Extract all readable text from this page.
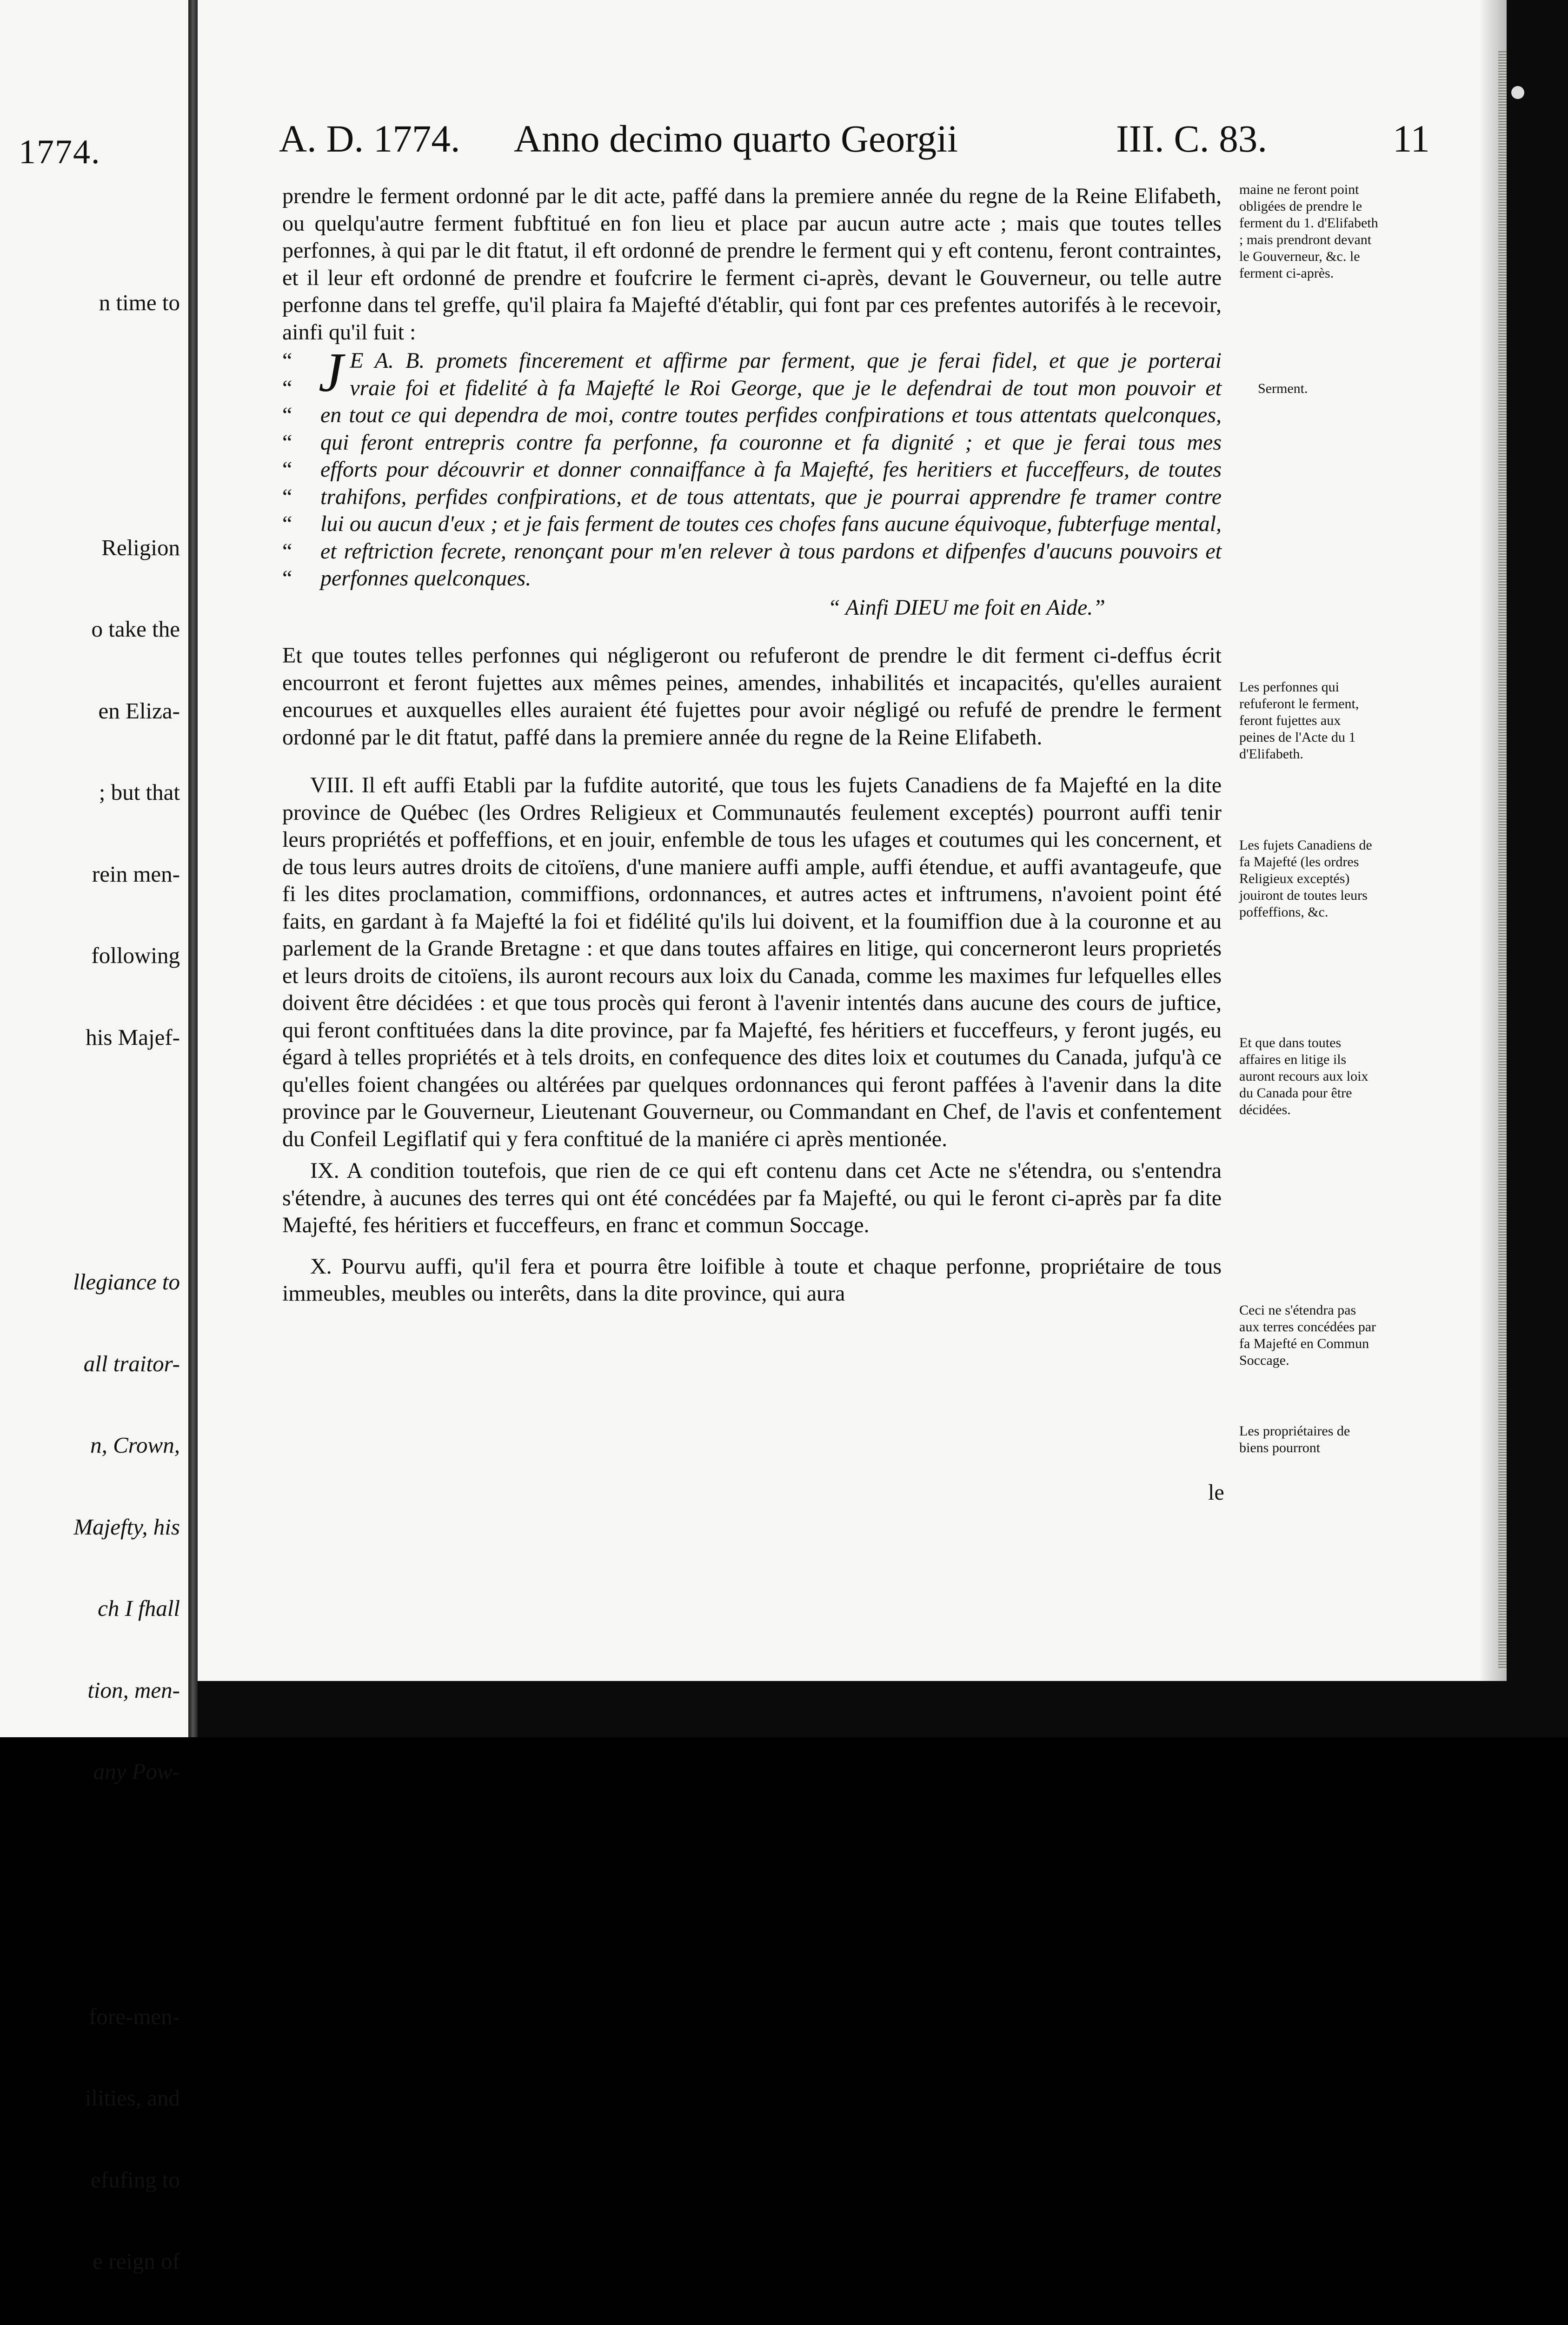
1774.

n time to

Religion

o take the

en Eliza-

; but that

rein men-

following

his Majef-

llegiance to

all traitor-

n, Crown,

Majefty, his

ch I fhall

tion, men-

any Pow-

fore-men-

ilities, and

efufing to

e reign of

A. D. 1774. Anno decimo quarto Georgii	III. C. 83.	11

prendre le ferment ordonné par le dit acte, paffé dans la premiere année du regne de la Reine Elifabeth, ou quelqu'autre ferment fubftitué en fon lieu et place par aucun autre acte ; mais que toutes telles perfonnes, à qui par le dit ftatut, il eft ordonné de prendre le ferment qui y eft contenu, feront contraintes, et il leur eft ordonné de prendre et foufcrire le ferment ci-après, devant le Gouverneur, ou telle autre perfonne dans tel greffe, qu'il plaira fa Majefté d'établir, qui font par ces prefentes autorifés à le recevoir, ainfi qu'il fuit :

“ J E A. B. promets fincerement et affirme par ferment, que je ferai fidel, et que je porterai
“	vraie foi et fidelité à fa Majefté le Roi George, que je le defendrai de tout mon pouvoir et
“ en tout ce qui dependra de moi, contre toutes perfides confpirations et tous attentats quelconques,
“ qui feront entrepris contre fa perfonne, fa couronne et fa dignité ; et que je ferai tous mes
“ efforts pour découvrir et donner connaiffance à fa Majefté, fes heritiers et fucceffeurs, de toutes
“ trahifons, perfides confpirations, et de tous attentats, que je pourrai apprendre fe tramer contre
“ lui ou aucun d'eux ; et je fais ferment de toutes ces chofes fans aucune équivoque, fubterfuge mental,
“ et reftriction fecrete, renonçant pour m'en relever à tous pardons et difpenfes d'aucuns pouvoirs et
“ perfonnes quelconques.
“ Ainfi DIEU me foit en Aide.”

Et que toutes telles perfonnes qui négligeront ou refuferont de prendre le dit ferment ci-deffus écrit encourront et feront fujettes aux mêmes peines, amendes, inhabilités et incapacités, qu'elles auraient encourues et auxquelles elles auraient été fujettes pour avoir négligé ou refufé de prendre le ferment ordonné par le dit ftatut, paffé dans la premiere année du regne de la Reine Elifabeth.

VIII. Il eft auffi Etabli par la fufdite autorité, que tous les fujets Canadiens de fa Majefté en la dite province de Québec (les Ordres Religieux et Communautés feulement exceptés) pourront auffi tenir leurs propriétés et poffeffions, et en jouir, enfemble de tous les ufages et coutumes qui les concernent, et de tous leurs autres droits de citoïens, d'une maniere auffi ample, auffi étendue, et auffi avantageufe, que fi les dites proclamation, commiffions, ordonnances, et autres actes et inftrumens, n'avoient point été faits, en gardant à fa Majefté la foi et fidélité qu'ils lui doivent, et la foumiffion due à la couronne et au parlement de la Grande Bretagne : et que dans toutes affaires en litige, qui concerneront leurs proprietés et leurs droits de citoïens, ils auront recours aux loix du Canada, comme les maximes fur lefquelles elles doivent être décidées : et que tous procès qui feront à l'avenir intentés dans aucune des cours de juftice, qui feront conftituées dans la dite province, par fa Majefté, fes héritiers et fucceffeurs, y feront jugés, eu égard à telles propriétés et à tels droits, en confequence des dites loix et coutumes du Canada, jufqu'à ce qu'elles foient changées ou altérées par quelques ordonnances qui feront paffées à l'avenir dans la dite province par le Gouverneur, Lieutenant Gouverneur, ou Commandant en Chef, de l'avis et confentement du Confeil Legiflatif qui y fera conftitué de la maniére ci après mentionée.

IX. A condition toutefois, que rien de ce qui eft contenu dans cet Acte ne s'étendra, ou s'entendra s'étendre, à aucunes des terres qui ont été concédées par fa Majefté, ou qui le feront ci-après par fa dite Majefté, fes héritiers et fucceffeurs, en franc et commun Soccage.

X. Pourvu auffi, qu'il fera et pourra être loifible à toute et chaque perfonne, propriétaire de tous immeubles, meubles ou interêts, dans la dite province, qui aura

le
maine ne feront point obligées de prendre le ferment du 1. d'Elifabeth ; mais prendront devant le Gouverneur, &c. le ferment ci-après.
Serment.
Les perfonnes qui refuferont le ferment, feront fujettes aux peines de l'Acte du 1 d'Elifabeth.
Les fujets Canadiens de fa Majefté (les ordres Religieux exceptés) jouiront de toutes leurs poffeffions, &c.
Et que dans toutes affaires en litige ils auront recours aux loix du Canada pour être décidées.
Ceci ne s'étendra pas aux terres concédées par fa Majefté en Commun Soccage.
Les propriétaires de biens pourront
